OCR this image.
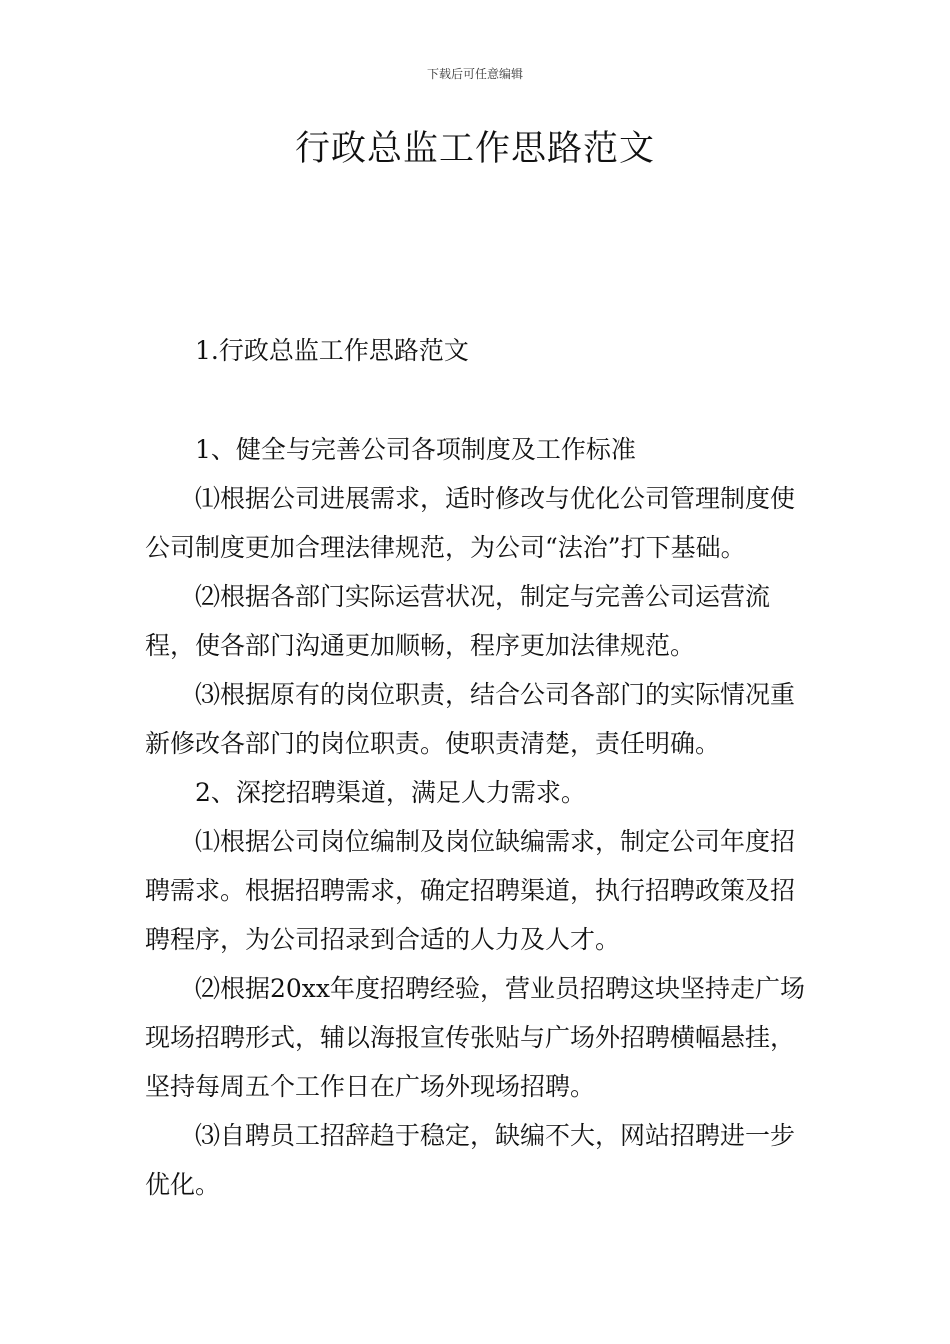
下载后可任意编辑
行政总监工作思路范文
1.行政总监工作思路范文
1、健全与完善公司各项制度及工作标准
⑴根据公司进展需求，适时修改与优化公司管理制度使公司制度更加合理法律规范，为公司“法治”打下基础。
⑵根据各部门实际运营状况，制定与完善公司运营流程，使各部门沟通更加顺畅，程序更加法律规范。
⑶根据原有的岗位职责，结合公司各部门的实际情况重新修改各部门的岗位职责。使职责清楚，责任明确。
2、深挖招聘渠道，满足人力需求。
⑴根据公司岗位编制及岗位缺编需求，制定公司年度招聘需求。根据招聘需求，确定招聘渠道，执行招聘政策及招聘程序，为公司招录到合适的人力及人才。
⑵根据20xx年度招聘经验，营业员招聘这块坚持走广场现场招聘形式，辅以海报宣传张贴与广场外招聘横幅悬挂，坚持每周五个工作日在广场外现场招聘。
⑶自聘员工招辞趋于稳定，缺编不大，网站招聘进一步优化。
